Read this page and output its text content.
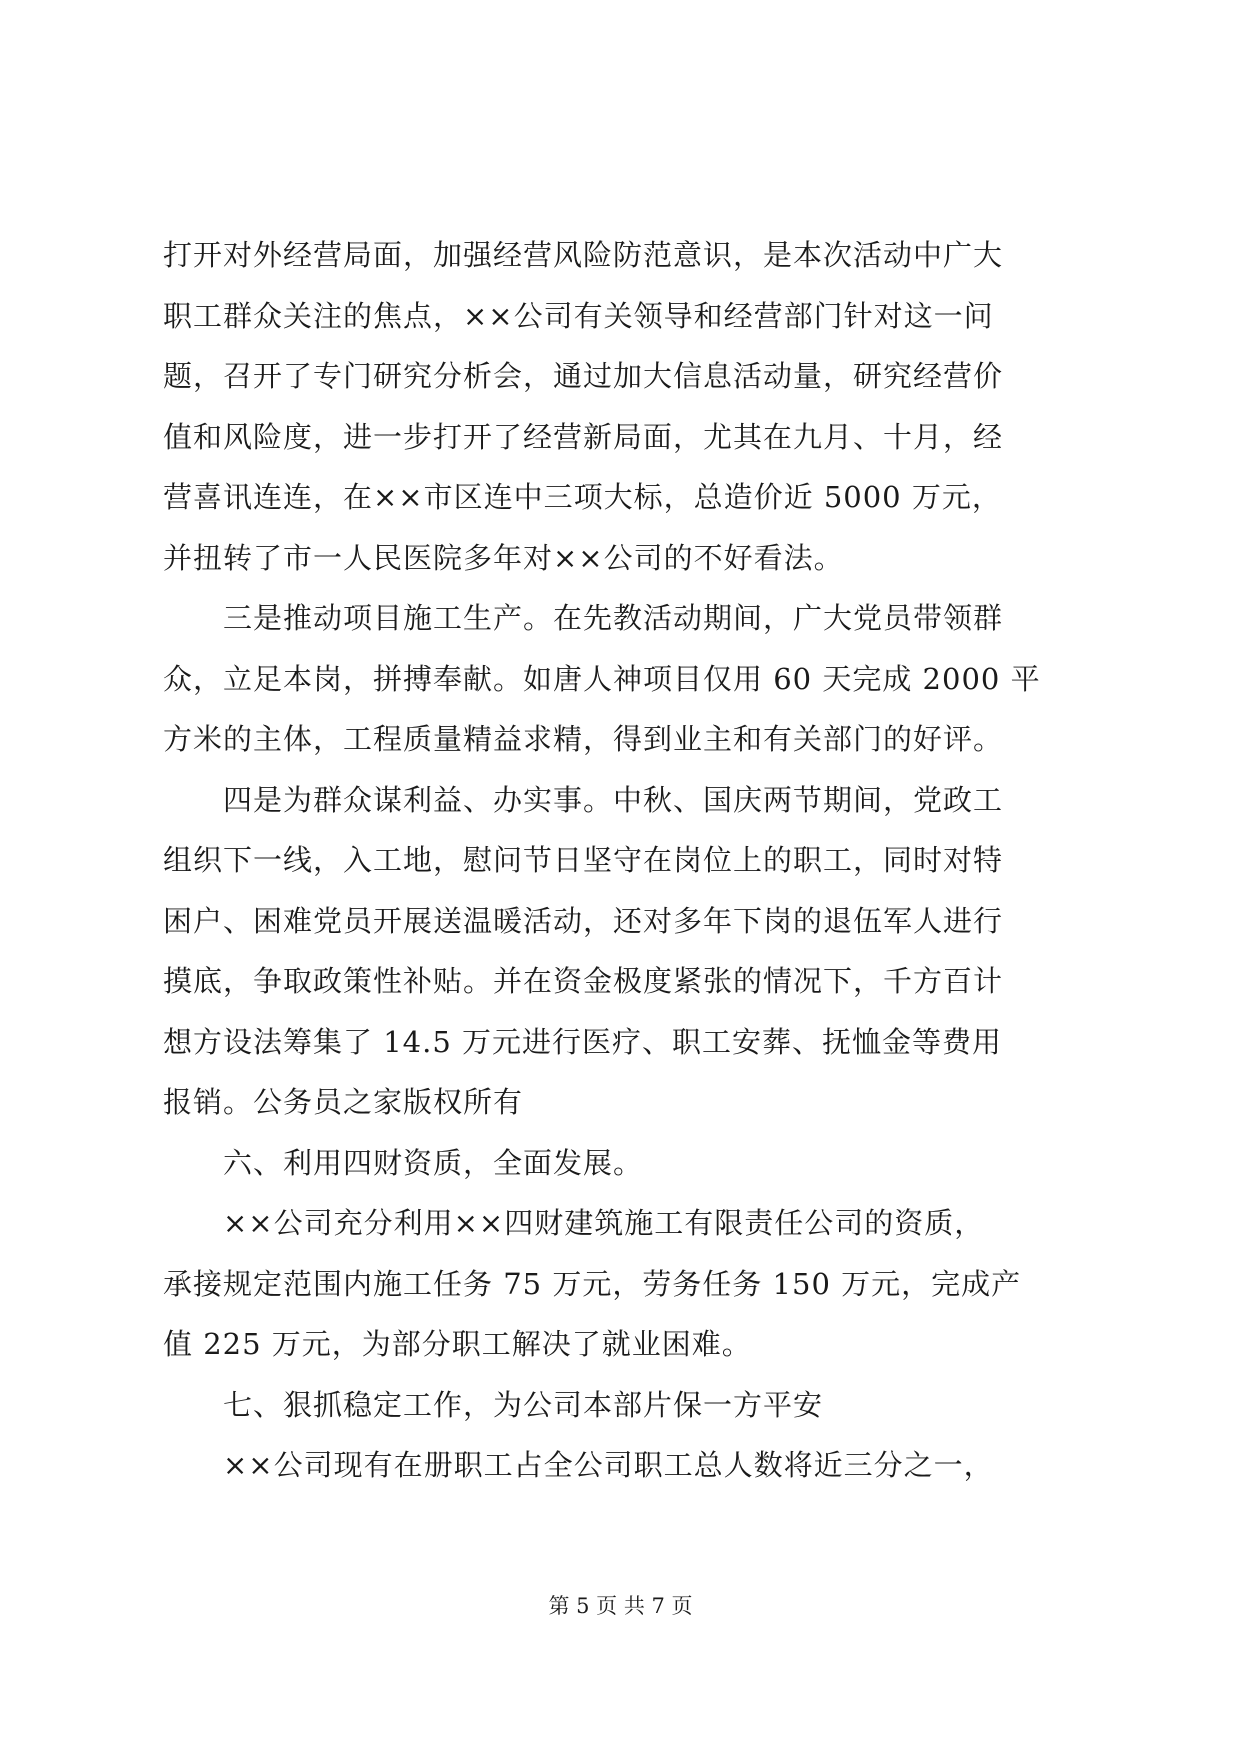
打开对外经营局面，加强经营风险防范意识，是本次活动中广大
职工群众关注的焦点，××公司有关领导和经营部门针对这一问
题，召开了专门研究分析会，通过加大信息活动量，研究经营价
值和风险度，进一步打开了经营新局面，尤其在九月、十月，经
营喜讯连连，在××市区连中三项大标，总造价近 5000 万元，
并扭转了市一人民医院多年对××公司的不好看法。
　　三是推动项目施工生产。在先教活动期间，广大党员带领群
众，立足本岗，拼搏奉献。如唐人神项目仅用 60 天完成 2000 平
方米的主体，工程质量精益求精，得到业主和有关部门的好评。
　　四是为群众谋利益、办实事。中秋、国庆两节期间，党政工
组织下一线，入工地，慰问节日坚守在岗位上的职工，同时对特
困户、困难党员开展送温暖活动，还对多年下岗的退伍军人进行
摸底，争取政策性补贴。并在资金极度紧张的情况下，千方百计
想方设法筹集了 14.5 万元进行医疗、职工安葬、抚恤金等费用
报销。公务员之家版权所有
　　六、利用四财资质，全面发展。
　　××公司充分利用××四财建筑施工有限责任公司的资质，
承接规定范围内施工任务 75 万元，劳务任务 150 万元，完成产
值 225 万元，为部分职工解决了就业困难。
　　七、狠抓稳定工作，为公司本部片保一方平安
　　××公司现有在册职工占全公司职工总人数将近三分之一，
第 5 页 共 7 页
